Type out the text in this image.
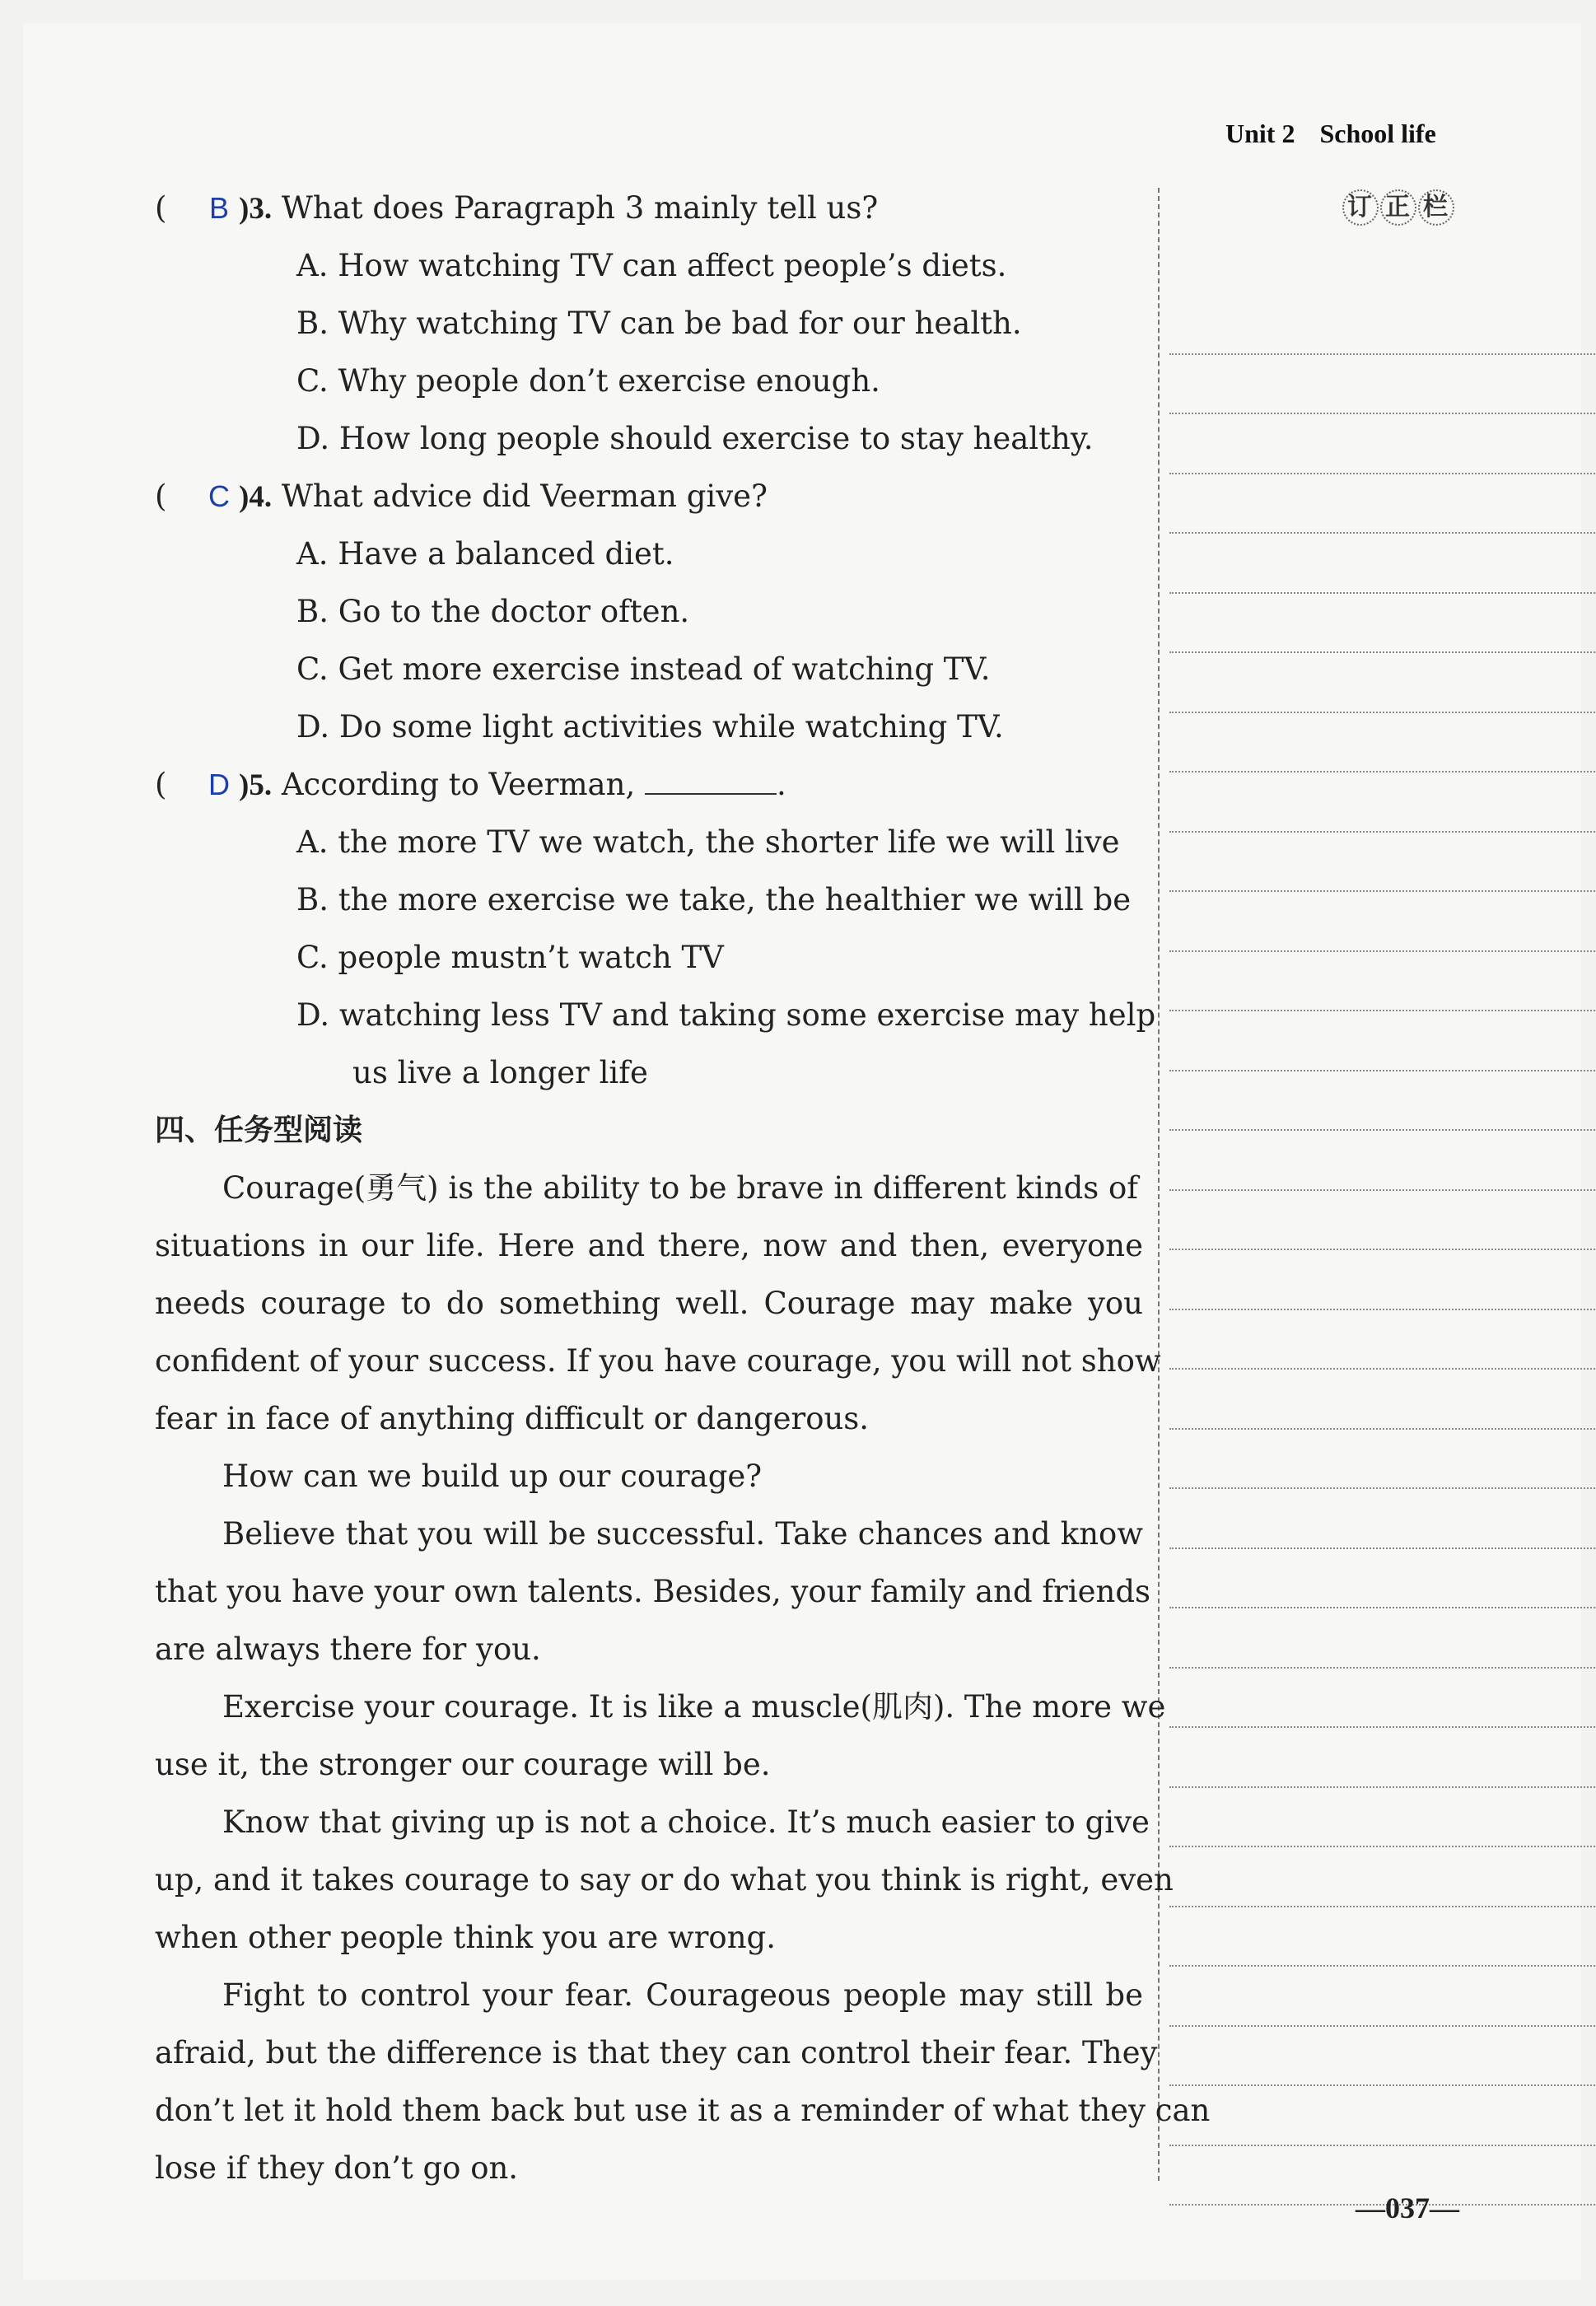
Unit 2 School life
订 正 栏
( B )3. What does Paragraph 3 mainly tell us?
A. How watching TV can affect people’s diets.
B. Why watching TV can be bad for our health.
C. Why people don’t exercise enough.
D. How long people should exercise to stay healthy.
( C )4. What advice did Veerman give?
A. Have a balanced diet.
B. Go to the doctor often.
C. Get more exercise instead of watching TV.
D. Do some light activities while watching TV.
( D )5. According to Veerman,	.
A. the more TV we watch, the shorter life we will live
B. the more exercise we take, the healthier we will be
C. people mustn’t watch TV
D. watching less TV and taking some exercise may help
us live a longer life
四、任务型阅读
Courage(勇气) is the ability to be brave in different kinds of
situations in our life. Here and there, now and then, everyone
needs courage to do something well. Courage may make you
confident of your success. If you have courage, you will not show
fear in face of anything difficult or dangerous.
How can we build up our courage?
Believe that you will be successful. Take chances and know
that you have your own talents. Besides, your family and friends
are always there for you.
Exercise your courage. It is like a muscle(肌肉). The more we
use it, the stronger our courage will be.
Know that giving up is not a choice. It’s much easier to give
up, and it takes courage to say or do what you think is right, even
when other people think you are wrong.
Fight to control your fear. Courageous people may still be
afraid, but the difference is that they can control their fear. They
don’t let it hold them back but use it as a reminder of what they can
lose if they don’t go on.
—037—
